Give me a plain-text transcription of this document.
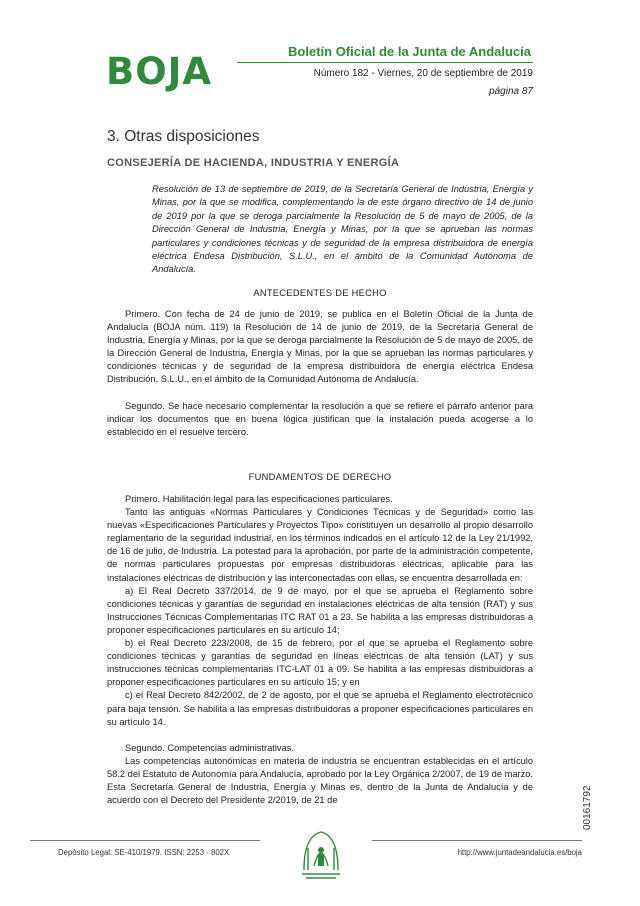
BOJA	Boletín Oficial de la Junta de Andalucía
Número 182 - Viernes, 20 de septiembre de 2019
página 87
3. Otras disposiciones
CONSEJERÍA DE HACIENDA, INDUSTRIA Y ENERGÍA
Resolución de 13 de septiembre de 2019, de la Secretaría General de Industria, Energía y Minas, por la que se modifica, complementando la de este órgano directivo de 14 de junio de 2019 por la que se deroga parcialmente la Resolución de 5 de mayo de 2005, de la Dirección General de Industria, Energía y Minas, por la que se aprueban las normas particulares y condiciones técnicas y de seguridad de la empresa distribuidora de energía eléctrica Endesa Distribución, S.L.U., en el ámbito de la Comunidad Autónoma de Andalucía.
ANTECEDENTES DE HECHO

Primero. Con fecha de 24 de junio de 2019, se publica en el Boletín Oficial de la Junta de Andalucía (BOJA núm. 119) la Resolución de 14 de junio de 2019, de la Secretaría General de Industria, Energía y Minas, por la que se deroga parcialmente la Resolución de 5 de mayo de 2005, de la Dirección General de Industria, Energía y Minas, por la que se aprueban las normas particulares y condiciones técnicas y de seguridad de la empresa distribuidora de energía eléctrica Endesa Distribución, S.L.U., en el ámbito de la Comunidad Autónoma de Andalucía.

Segundo. Se hace necesario complementar la resolución a que se refiere el párrafo anterior para indicar los documentos que en buena lógica justifican que la instalación pueda acogerse a lo establecido en el resuelve tercero.

FUNDAMENTOS DE DERECHO

Primero. Habilitación legal para las especificaciones particulares.

Tanto las antiguas «Normas Particulares y Condiciones Técnicas y de Seguridad» como las nuevas «Especificaciones Particulares y Proyectos Tipo» constituyen un desarrollo al propio desarrollo reglamentario de la seguridad industrial, en los términos indicados en el artículo 12 de la Ley 21/1992, de 16 de julio, de Industria. La potestad para la aprobación, por parte de la administración competente, de normas particulares propuestas por empresas distribuidoras eléctricas, aplicable para las instalaciones eléctricas de distribución y las interconectadas con ellas, se encuentra desarrollada en:

a) El Real Decreto 337/2014, de 9 de mayo, por el que se aprueba el Reglamento sobre condiciones técnicas y garantías de seguridad en instalaciones eléctricas de alta tensión (RAT) y sus Instrucciones Técnicas Complementarias ITC RAT 01 a 23. Se habilita a las empresas distribuidoras a proponer especificaciones particulares en su artículo 14;

b) el Real Decreto 223/2008, de 15 de febrero, por el que se aprueba el Reglamento sobre condiciones técnicas y garantías de seguridad en líneas eléctricas de alta tensión (LAT) y sus instrucciones técnicas complementarias ITC-LAT 01 a 09. Se habilita a las empresas distribuidoras a proponer especificaciones particulares en su artículo 15; y en

c) el Real Decreto 842/2002, de 2 de agosto, por el que se aprueba el Reglamento electrotécnico para baja tensión. Se habilita a las empresas distribuidoras a proponer especificaciones particulares en su artículo 14.

Segundo. Competencias administrativas.

Las competencias autonómicas en materia de industria se encuentran establecidas en el artículo 58.2 del Estatuto de Autonomía para Andalucía, aprobado por la Ley Orgánica 2/2007, de 19 de marzo. Esta Secretaría General de Industria, Energía y Minas es, dentro de la Junta de Andalucía y de acuerdo con el Decreto del Presidente 2/2019, de 21 de	00161792
Depósito Legal: SE-410/1979. ISSN: 2253 - 802X	http://www.juntadeandalucia.es/boja
